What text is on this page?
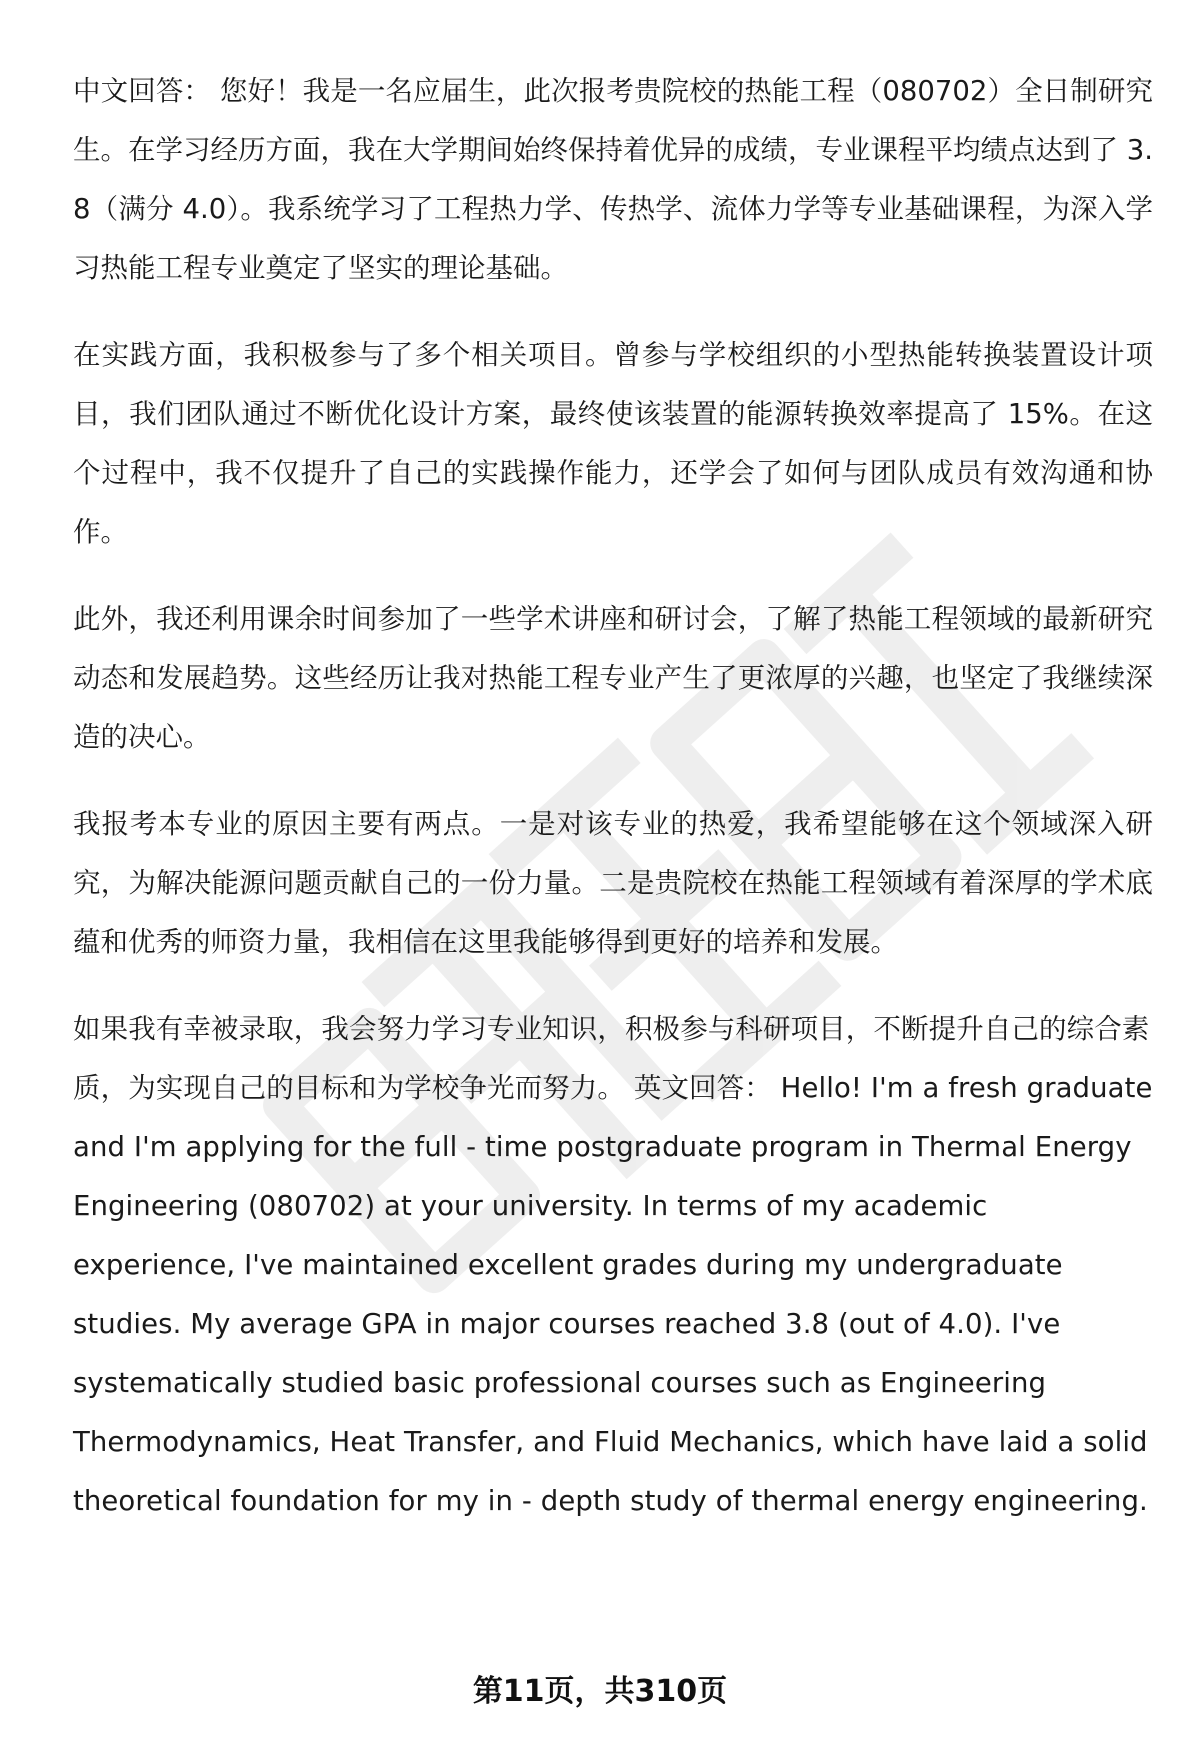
中文回答： 您好！我是一名应届生，此次报考贵院校的热能工程（080702）全日制研究生。在学习经历方面，我在大学期间始终保持着优异的成绩，专业课程平均绩点达到了 3.8（满分 4.0）。我系统学习了工程热力学、传热学、流体力学等专业基础课程，为深入学习热能工程专业奠定了坚实的理论基础。

在实践方面，我积极参与了多个相关项目。曾参与学校组织的小型热能转换装置设计项目，我们团队通过不断优化设计方案，最终使该装置的能源转换效率提高了 15%。在这个过程中，我不仅提升了自己的实践操作能力，还学会了如何与团队成员有效沟通和协作。

此外，我还利用课余时间参加了一些学术讲座和研讨会，了解了热能工程领域的最新研究动态和发展趋势。这些经历让我对热能工程专业产生了更浓厚的兴趣，也坚定了我继续深造的决心。

我报考本专业的原因主要有两点。一是对该专业的热爱，我希望能够在这个领域深入研究，为解决能源问题贡献自己的一份力量。二是贵院校在热能工程领域有着深厚的学术底蕴和优秀的师资力量，我相信在这里我能够得到更好的培养和发展。

如果我有幸被录取，我会努力学习专业知识，积极参与科研项目，不断提升自己的综合素质，为实现自己的目标和为学校争光而努力。 英文回答： Hello! I'm a fresh graduate and I'm applying for the full - time postgraduate program in Thermal Energy Engineering (080702) at your university. In terms of my academic experience, I've maintained excellent grades during my undergraduate studies. My average GPA in major courses reached 3.8 (out of 4.0). I've systematically studied basic professional courses such as Engineering Thermodynamics, Heat Transfer, and Fluid Mechanics, which have laid a solid theoretical foundation for my in - depth study of thermal energy engineering.

第11页，共310页
